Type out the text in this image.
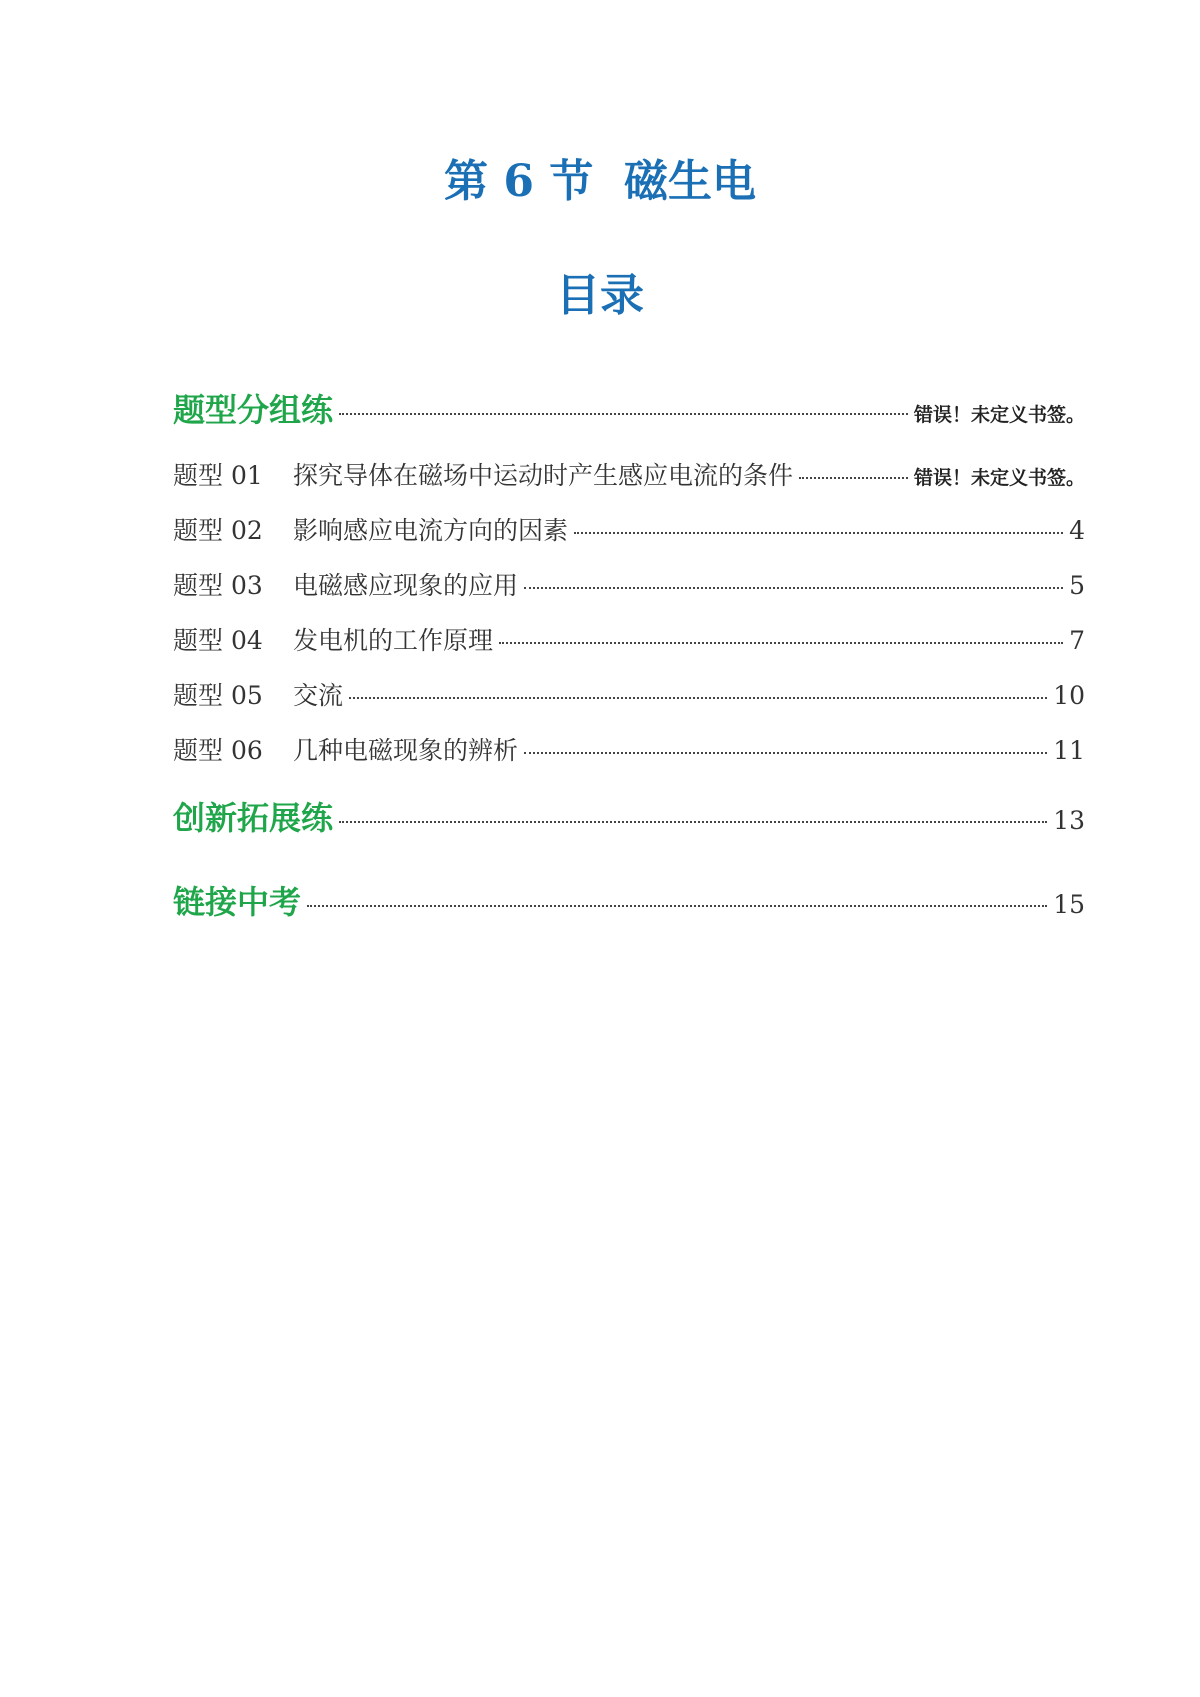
第 6 节 磁生电
目录
题型分组练	错误！未定义书签。
题型 01	探究导体在磁场中运动时产生感应电流的条件	错误！未定义书签。
题型 02	影响感应电流方向的因素	4
题型 03	电磁感应现象的应用	5
题型 04	发电机的工作原理	7
题型 05	交流	10
题型 06	几种电磁现象的辨析	11
创新拓展练	13
链接中考	15
